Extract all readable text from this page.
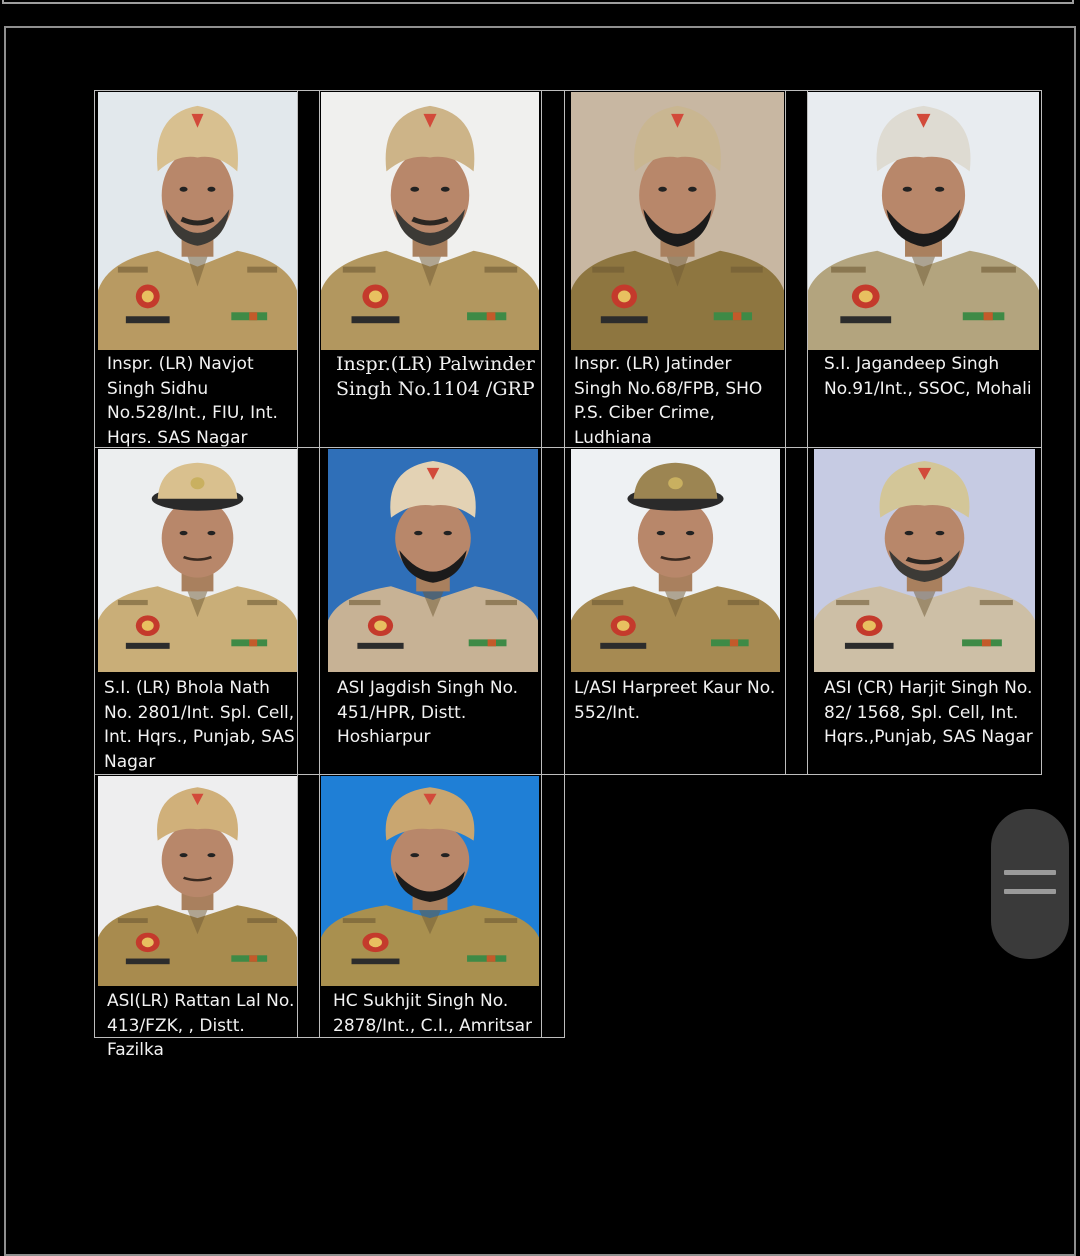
Inspr. (LR) Navjot Singh Sidhu No.528/Int., FIU, Int. Hqrs. SAS Nagar
Inspr.(LR) Palwinder Singh No.1104 /GRP
Inspr. (LR) Jatinder Singh No.68/FPB, SHO P.S. Ciber Crime, Ludhiana
S.I. Jagandeep Singh No.91/Int., SSOC, Mohali
S.I. (LR) Bhola Nath No. 2801/Int. Spl. Cell, Int. Hqrs., Punjab, SAS Nagar
ASI Jagdish Singh No. 451/HPR, Distt. Hoshiarpur
L/ASI Harpreet Kaur No. 552/Int.
ASI (CR) Harjit Singh No. 82/ 1568, Spl. Cell, Int. Hqrs.,Punjab, SAS Nagar
ASI(LR) Rattan Lal No. 413/FZK, , Distt. Fazilka
HC Sukhjit Singh No. 2878/Int., C.I., Amritsar
